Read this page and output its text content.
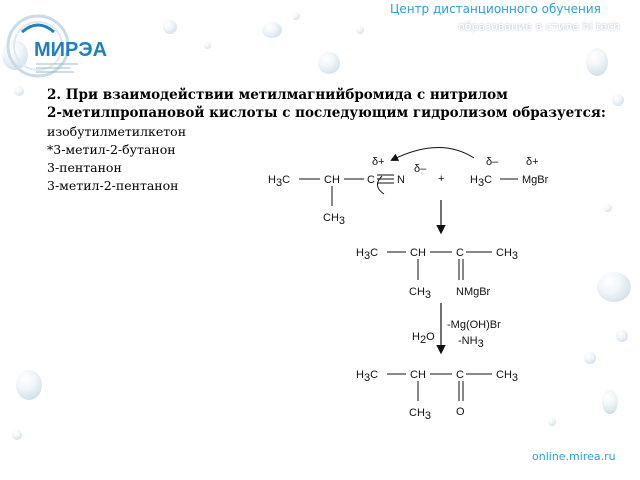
Центр дистанционного обучения
образование в стиле hi tech
МИРЭА
2. При взаимодействии метилмагнийбромида с нитрилом 2‑метилпропановой кислоты с последующим гидролизом образуется:
изобутилметилкетон
*3-метил-2-бутанон
3-пентанон
3-метил-2-пентанон	H3C	CH C N
CH3
δ+
δ–
+ H3C	MgBr
δ–	δ+
H3C	CH	C	CH3
CH3 NMgBr
H2O
-Mg(OH)Br
-NH3
H3C	CH	C	CH3
CH3 O
online.mirea.ru
